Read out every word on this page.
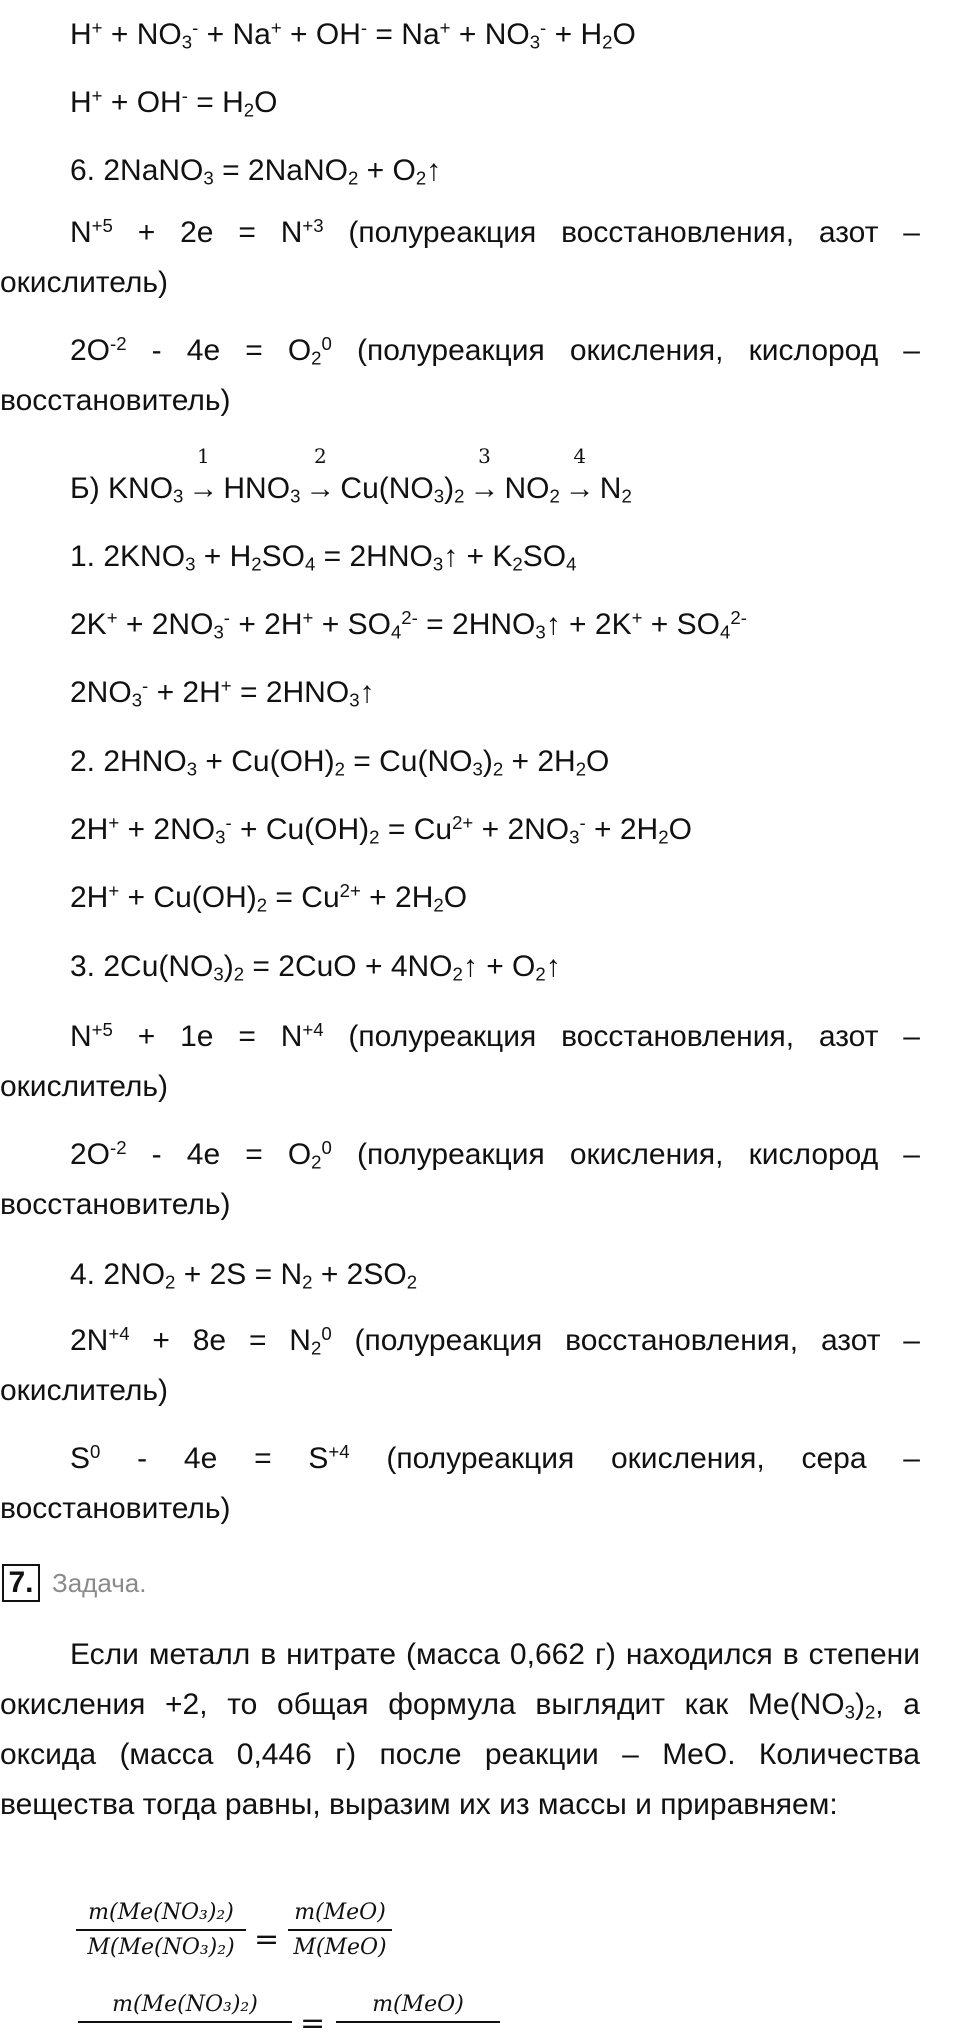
$H^+ + NO_3^- + Na^+ + OH^- = Na^+ + NO_3^- + H_2O$
$H^+ + OH^- = H_2O$
6. 2NaNO$_3$ = 2NaNO$_2$ + $O_2↑$
$N^{+5} + 2e = N^{+3}$ (полуреакция восстановления, азот – окислитель)
$2O^{-2} - 4e = O_2^0$ (полуреакция окисления, кислород – восстановитель)
Б) $KNO_3$
1
→ $HNO_3$
2
→ $Cu(NO_3)_2$
3
→ $NO_2$
4
→ $N_2$
1. $2KNO_3 + H_2SO_4$ = $2HNO_3↑ + K_2SO_4$
$2K^+ + 2NO_3^- + 2H^+ + SO_4^{2-}$ = $2HNO_3↑ + 2K^+ + SO_4^{2-}$
$2NO_3^- + 2H^+$ = $2HNO_3↑$
2. $2HNO_3 + Cu(OH)_2 = Cu(NO_3)_2 + 2H_2O$
$2H^+ + 2NO_3^- + Cu(OH)_2 = Cu^{2+} + 2NO_3^- + 2H_2O$
$2H^+ + Cu(OH)_2 = Cu^{2+} + 2H_2O$
3. $2Cu(NO_3)_2 = 2CuO$ + $4NO_2↑$ + $O_2↑$
$N^{+5} + 1e = N^{+4}$ (полуреакция восстановления, азот – окислитель)
$2O^{-2} - 4e = O_2^0$ (полуреакция окисления, кислород – восстановитель)
4. $2NO_2 + 2S = N_2 + 2SO_2$
$2N^{+4} + 8e = N_2^0$ (полуреакция восстановления, азот – окислитель)
$S^0 - 4e = S^{+4}$ (полуреакция окисления, сера – восстановитель)
7. Задача.
Если металл в нитрате (масса 0,662 г) находился в степени окисления +2, то общая формула выглядит как $Me(NO_3)_2$, а оксида (масса 0,446 г) после реакции – MeO. Количества вещества тогда равны, выразим их из массы и приравняем:
m(Me(NO₃)₂)
M(Me(NO₃)₂) =
m(MeO)
M(MeO)
m(Me(NO₃)₂)
=
m(MeO)
